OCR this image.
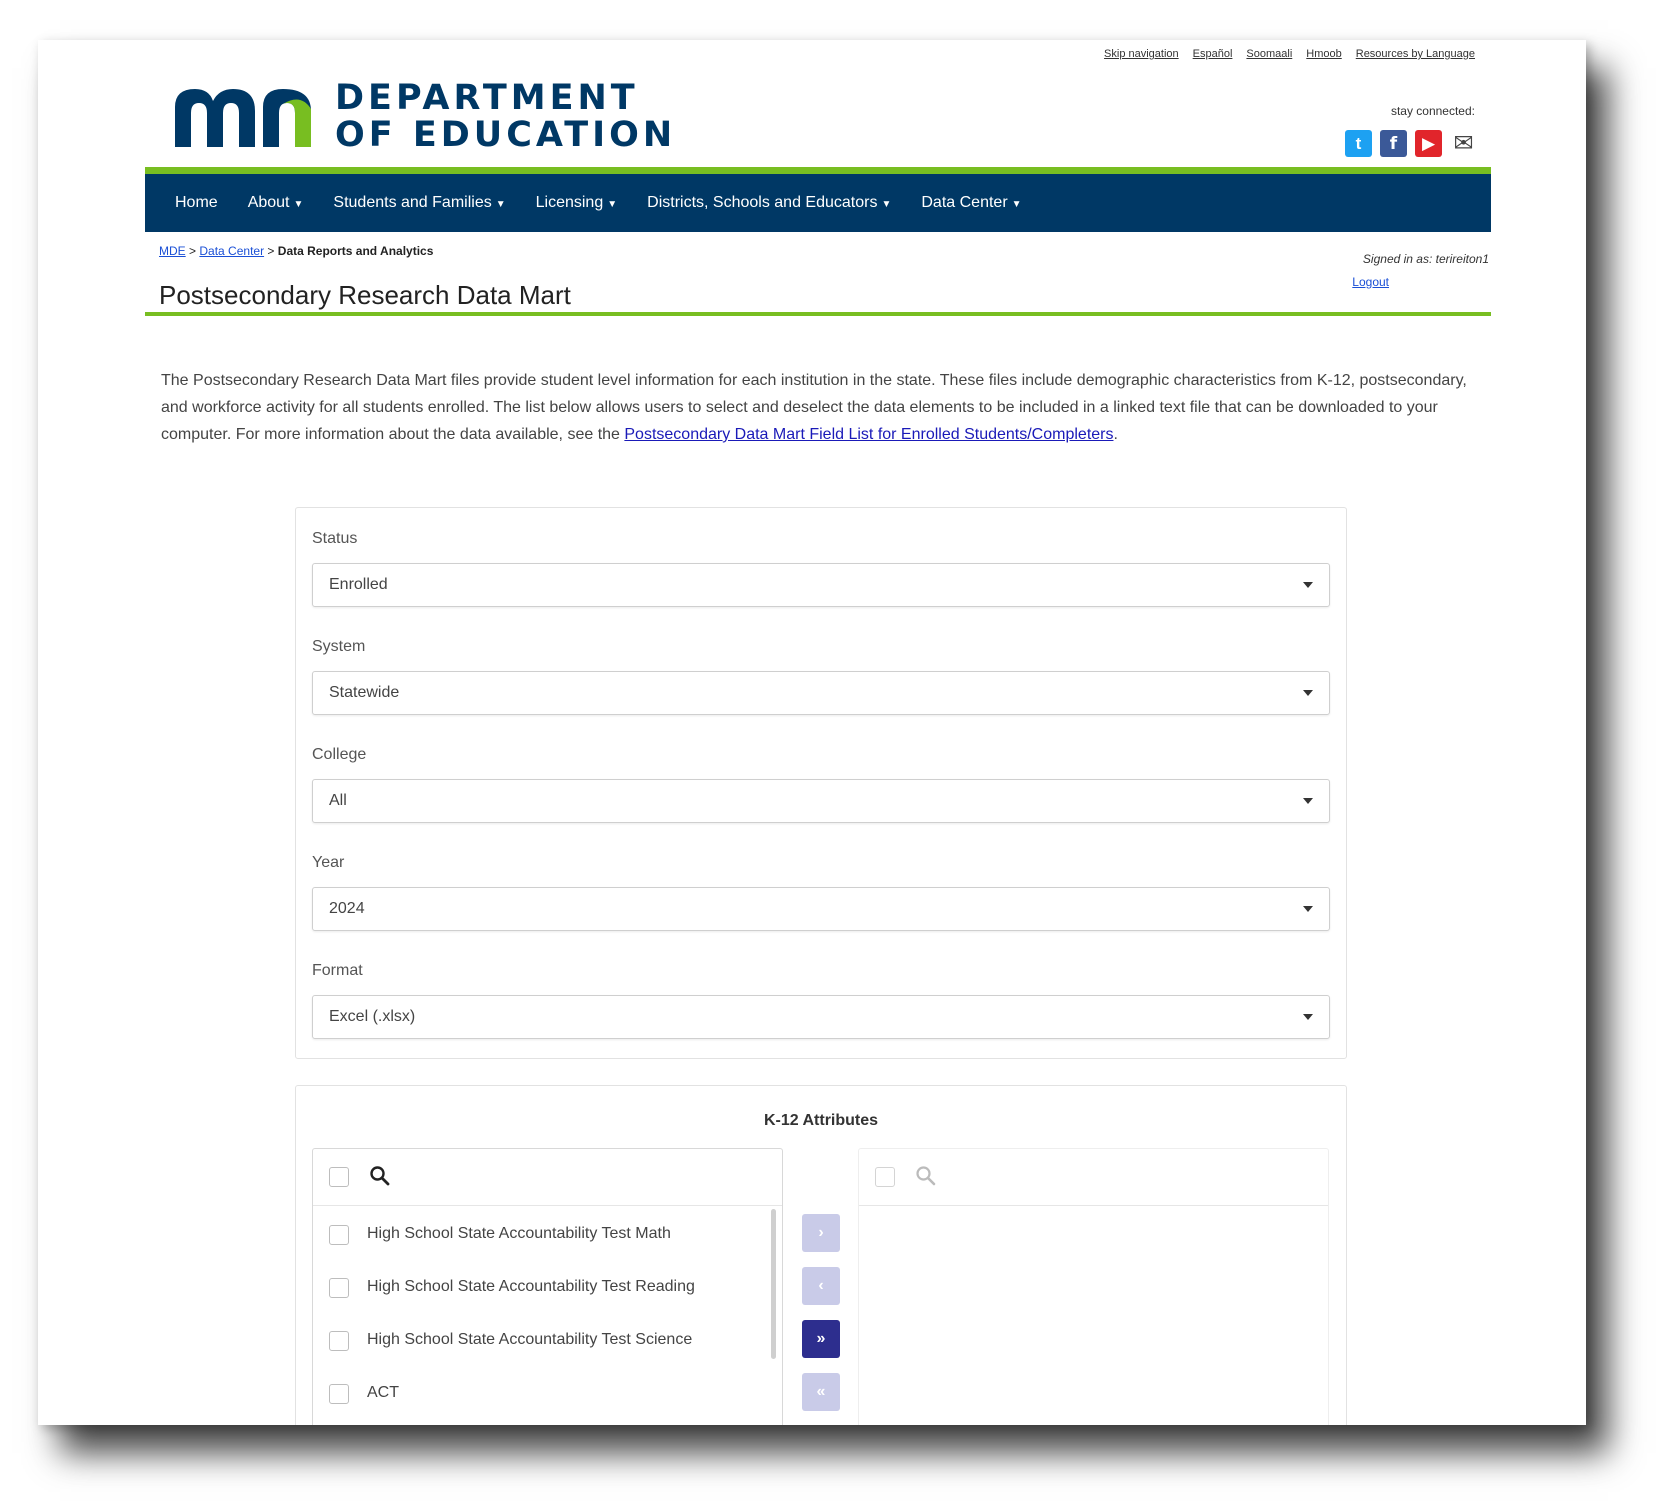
Skip navigation Español Soomaali Hmoob Resources by Language
DEPARTMENT
OF EDUCATION
stay connected:
t	f	▶ ✉
Home About ▼ Students and Families ▼ Licensing ▼ Districts, Schools and Educators ▼ Data Center ▼
MDE > Data Center > Data Reports and Analytics
Signed in as: terireiton1
Logout
Postsecondary Research Data Mart

The Postsecondary Research Data Mart files provide student level information for each institution in the state. These files include demographic characteristics from K-12, postsecondary, and workforce activity for all students enrolled. The list below allows users to select and deselect the data elements to be included in a linked text file that can be downloaded to your computer. For more information about the data available, see the Postsecondary Data Mart Field List for Enrolled Students/Completers.

Status
Enrolled
System
Statewide
College
All
Year
2024
Format
Excel (.xlsx)
K-12 Attributes
High School State Accountability Test Math
High School State Accountability Test Reading
High School State Accountability Test Science
ACT
›
‹
»
«
